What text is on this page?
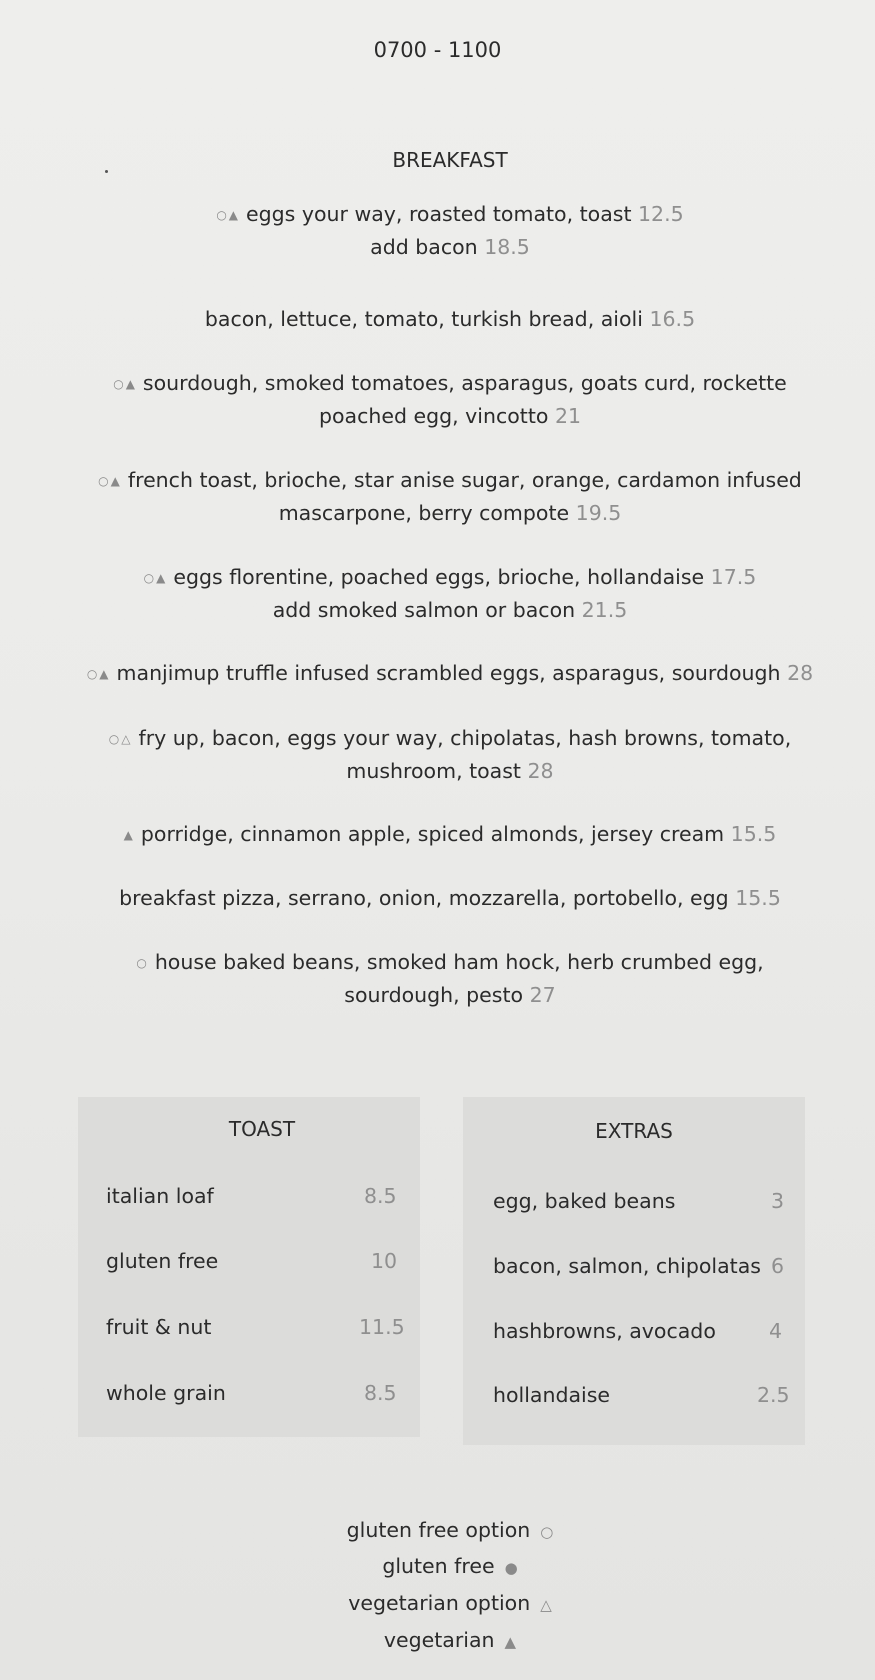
0700 - 1100
BREAKFAST
○▲ eggs your way, roasted tomato, toast 12.5
add bacon 18.5
bacon, lettuce, tomato, turkish bread, aioli 16.5
○▲ sourdough, smoked tomatoes, asparagus, goats curd, rockette
poached egg, vincotto 21
○▲ french toast, brioche, star anise sugar, orange, cardamon infused
mascarpone, berry compote 19.5
○▲ eggs florentine, poached eggs, brioche, hollandaise 17.5
add smoked salmon or bacon 21.5
○▲ manjimup truffle infused scrambled eggs, asparagus, sourdough 28
○△ fry up, bacon, eggs your way, chipolatas, hash browns, tomato,
mushroom, toast 28
▲ porridge, cinnamon apple, spiced almonds, jersey cream 15.5
breakfast pizza, serrano, onion, mozzarella, portobello, egg 15.5
○ house baked beans, smoked ham hock, herb crumbed egg,
sourdough, pesto 27
TOAST
italian loaf	8.5
gluten free	10
fruit & nut	11.5
whole grain	8.5
EXTRAS
egg, baked beans	3
bacon, salmon, chipolatas 6
hashbrowns, avocado	4
hollandaise	2.5
gluten free option ○
gluten free ●
vegetarian option △
vegetarian ▲
